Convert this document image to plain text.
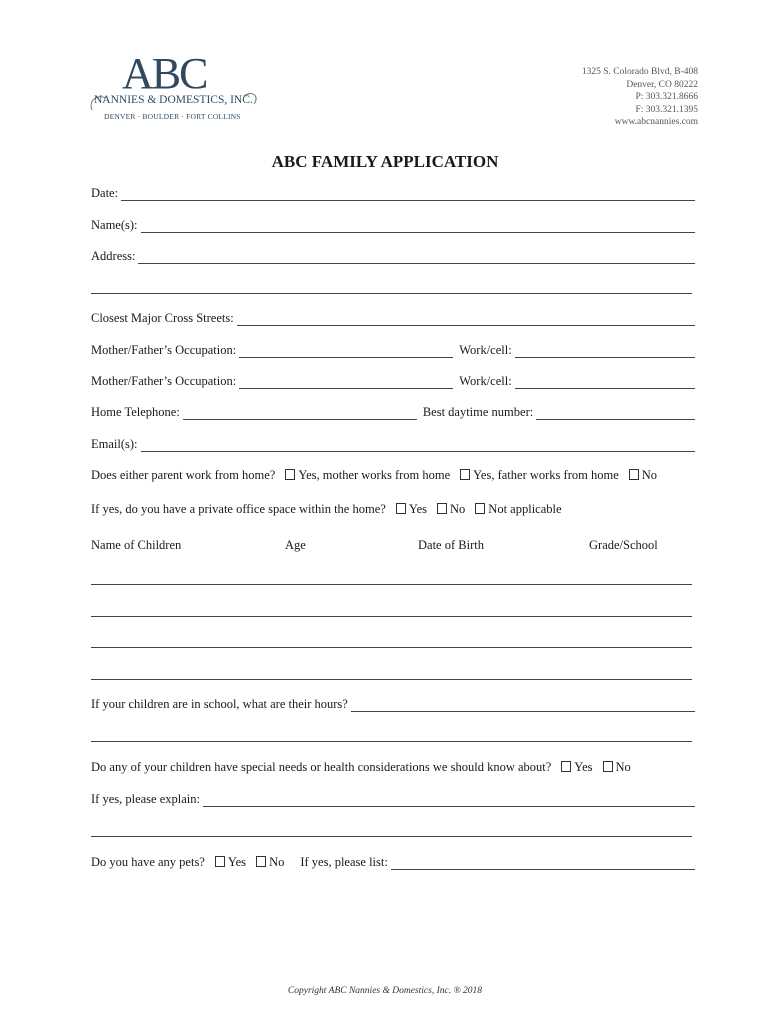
ABC
NANNIES & DOMESTICS, INC.
DENVER · BOULDER · FORT COLLINS
1325 S. Colorado Blvd, B-408
Denver, CO 80222
P: 303.321.8666
F: 303.321.1395
www.abcnannies.com
ABC FAMILY APPLICATION
Date:
Name(s):
Address:
Closest Major Cross Streets:
Mother/Father’s Occupation:	Work/cell:
Mother/Father’s Occupation:	Work/cell:
Home Telephone:	Best daytime number:
Email(s):
Does either parent work from home?	Yes, mother works from home	Yes, father works from home	No
If yes, do you have a private office space within the home?	Yes	No	Not applicable
Name of Children	Age	Date of Birth	Grade/School
If your children are in school, what are their hours?
Do any of your children have special needs or health considerations we should know about?	Yes	No
If yes, please explain:
Do you have any pets?	Yes	No If yes, please list:
Copyright ABC Nannies & Domestics, Inc. ® 2018
